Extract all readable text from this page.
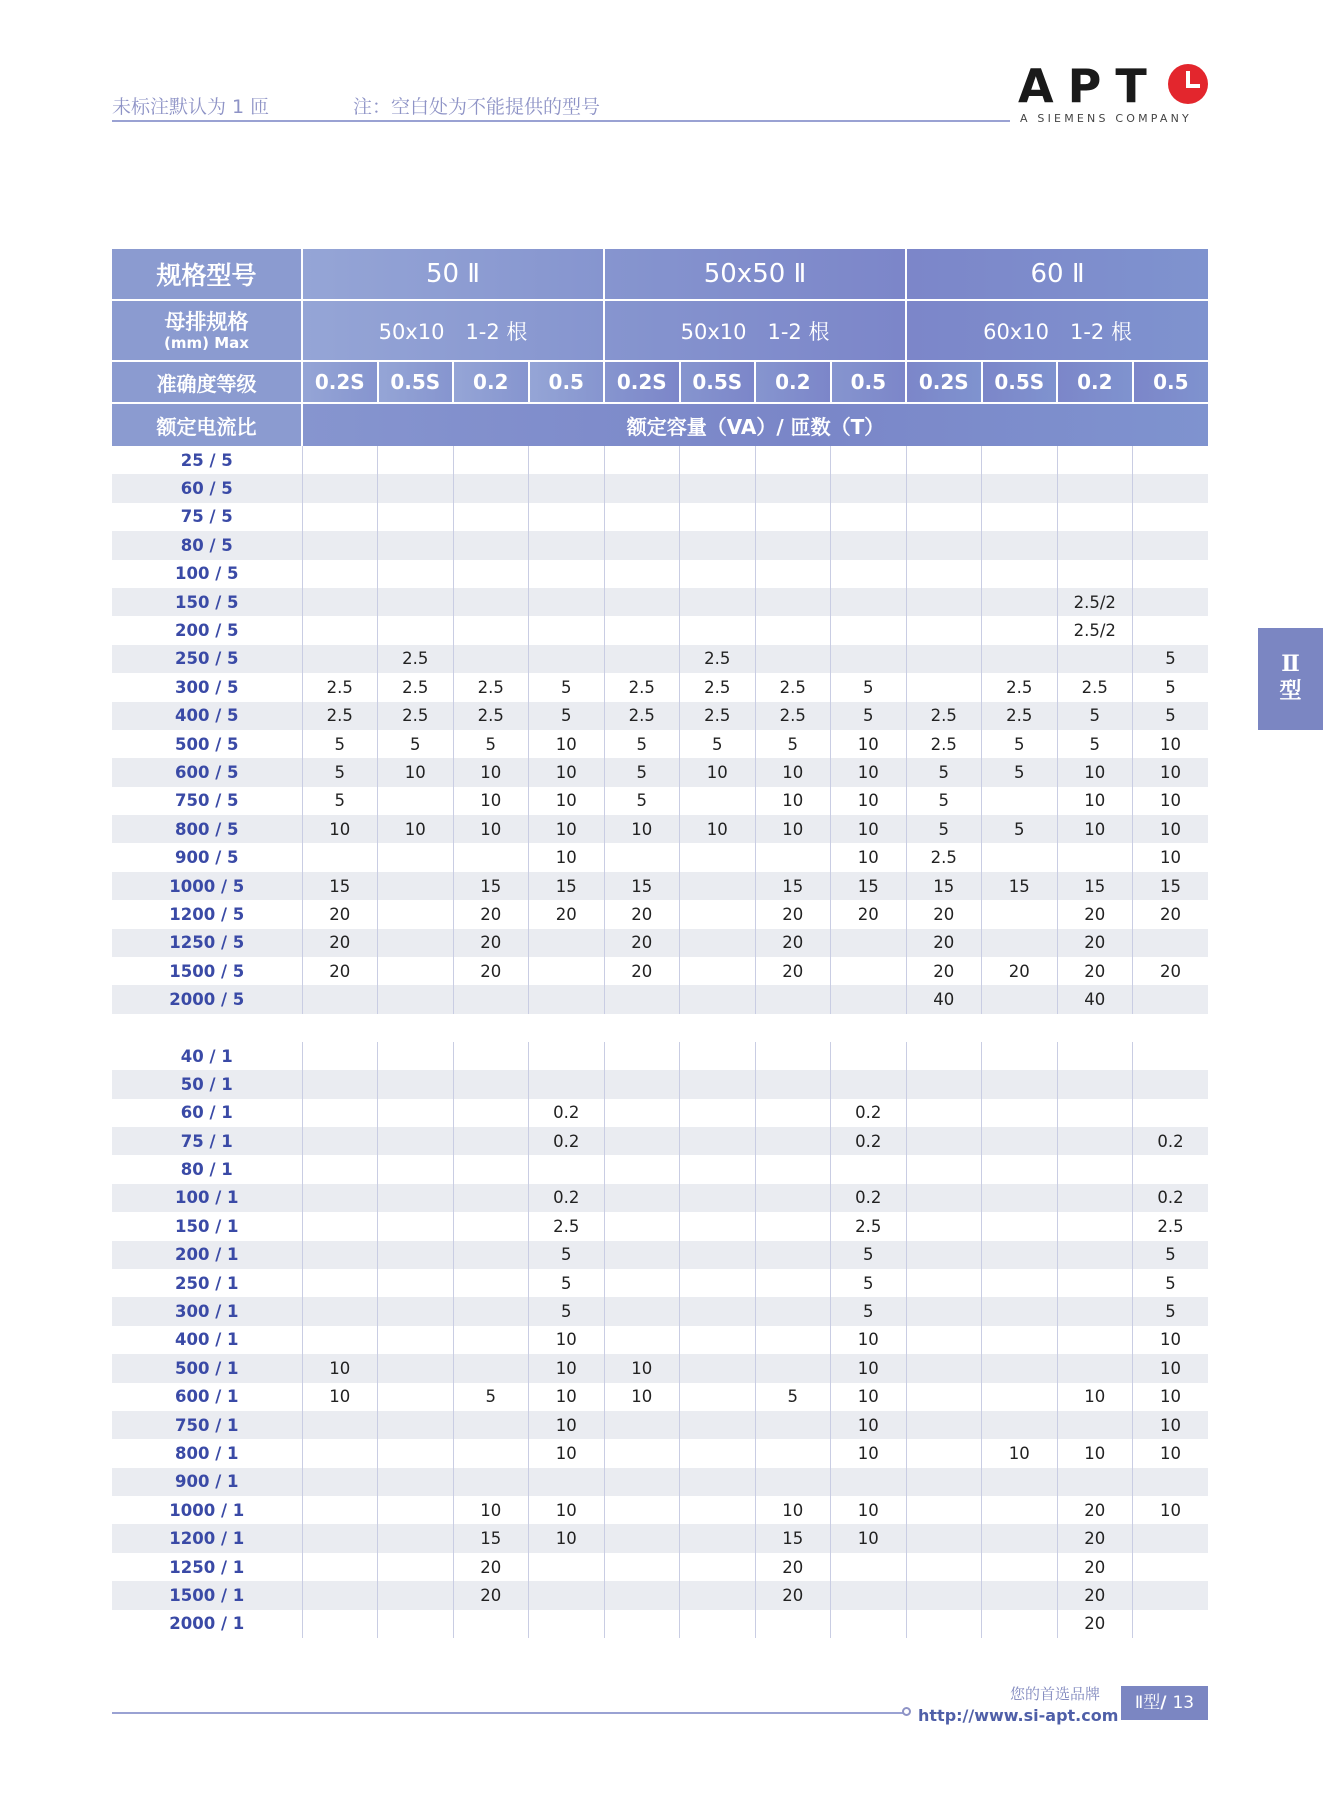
未标注默认为 1 匝	注：空白处为不能提供的型号	APT
A SIEMENS COMPANY
规格型号	50 Ⅱ				50x50 Ⅱ				60 Ⅱ			

母排规格
(mm) Max	50x10　1-2 根				50x10　1-2 根				60x10　1-2 根			
准确度等级	0.2S	0.5S	0.2	0.5	0.2S	0.5S	0.2	0.5	0.2S	0.5S	0.2	0.5
额定电流比	额定容量（VA）/ 匝数（T）											
25 / 5												
60 / 5												
75 / 5												
80 / 5												
100 / 5												
150 / 5											2.5/2	
200 / 5											2.5/2	
250 / 5		2.5				2.5						5
300 / 5	2.5	2.5	2.5	5	2.5	2.5	2.5	5		2.5	2.5	5
400 / 5	2.5	2.5	2.5	5	2.5	2.5	2.5	5	2.5	2.5	5	5
500 / 5	5	5	5	10	5	5	5	10	2.5	5	5	10
600 / 5	5	10	10	10	5	10	10	10	5	5	10	10
750 / 5	5		10	10	5		10	10	5		10	10
800 / 5	10	10	10	10	10	10	10	10	5	5	10	10
900 / 5				10				10	2.5			10
1000 / 5	15		15	15	15		15	15	15	15	15	15
1200 / 5	20		20	20	20		20	20	20		20	20
1250 / 5	20		20		20		20		20		20	
1500 / 5	20		20		20		20		20	20	20	20
2000 / 5									40		40	

40 / 1												
50 / 1												
60 / 1				0.2				0.2				
75 / 1				0.2				0.2				0.2
80 / 1												
100 / 1				0.2				0.2				0.2
150 / 1				2.5				2.5				2.5
200 / 1				5				5				5
250 / 1				5				5				5
300 / 1				5				5				5
400 / 1				10				10				10
500 / 1	10			10	10			10				10
600 / 1	10		5	10	10		5	10			10	10
750 / 1				10				10				10
800 / 1				10				10		10	10	10
900 / 1												
1000 / 1			10	10			10	10			20	10
1200 / 1			15	10			15	10			20	
1250 / 1			20				20				20	
1500 / 1			20				20				20	
2000 / 1											20	
Ⅱ
型
您的首选品牌
http://www.si-apt.com
Ⅱ型/ 13
